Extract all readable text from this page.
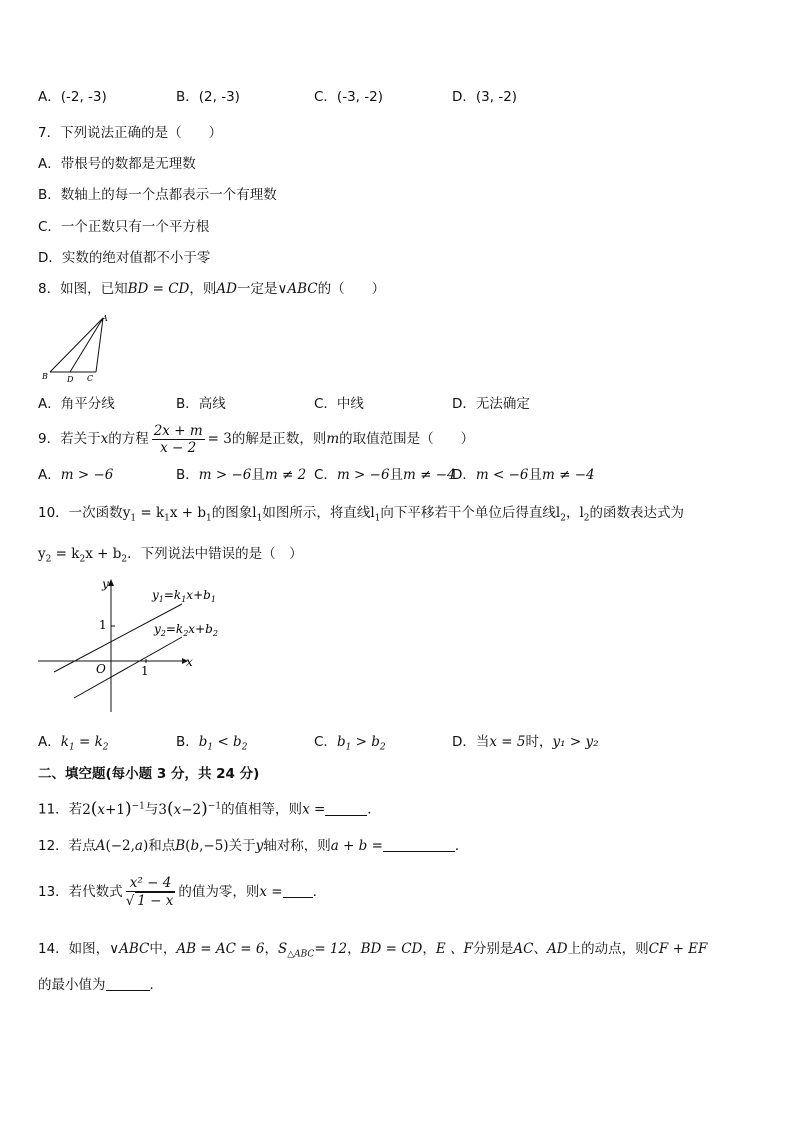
A．(-2, -3)	B．(2, -3)	C．(-3, -2)	D．(3, -2)
7．下列说法正确的是（　　）
A．带根号的数都是无理数
B．数轴上的每一个点都表示一个有理数
C．一个正数只有一个平方根
D．实数的绝对值都不小于零
8．如图，已知BD = CD，则AD一定是∨ABC的（　　）
A
B D C
A．角平分线	B．高线	C．中线	D．无法确定
9．若关于x的方程 $\frac{2x + m}{x - 2} = 3$的解是正数，则m的取值范围是（　　）
A．m > −6	B．m > −6且m ≠ 2 C．m > −6且m ≠ −4
D．m < −6且m ≠ −4
10．一次函数$y_1 = k_1x + b_1$的图象$l_1$如图所示，将直线$l_1$向下平移若干个单位后得直线$l_2$，$l_2$的函数表达式为
$y_2 = k_2x + b_2$．下列说法中错误的是（　）
y
x
O
1
1
$y_1=k_1x+b_1$
$y_2=k_2x+b_2$
A．$k_1 = k_2$	B．$b_1 < b_2$	C．$b_1 > b_2$	D．当x = 5时，y₁ > y₂
二、填空题(每小题 3 分，共 24 分)
11．若$2(x+1)^{-1}$与$3(x-2)^{-1}$的值相等，则x =	．
12．若点A(−2,a)和点B(b,−5)关于y轴对称，则a + b =	．
13．若代数式 $\frac{\text{x² − 4}}{√ 1 - x}$ 的值为零，则x = ．
14．如图，∨ABC中，AB = AC = 6，$S_{\triangle ABC}= 12$，BD = CD，E 、F分别是AC、AD上的动点，则CF + EF
的最小值为	．
